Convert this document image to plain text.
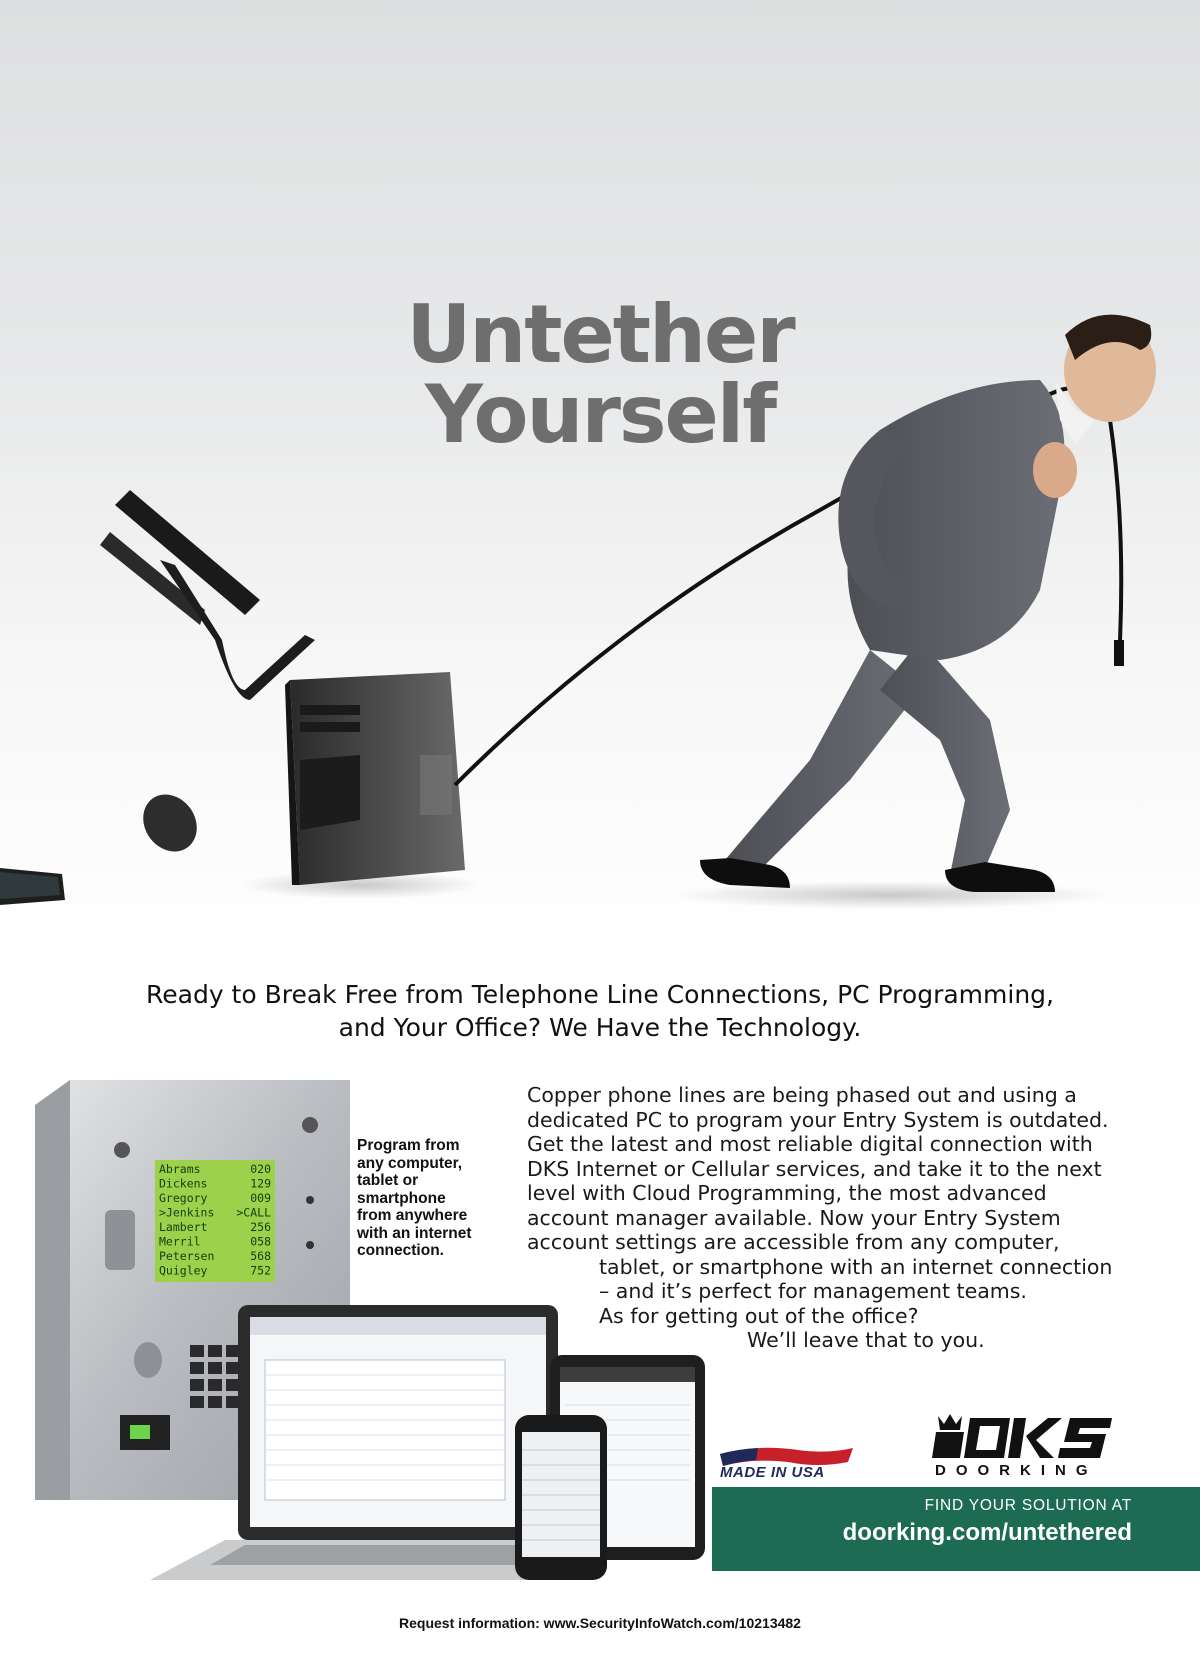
Untether
Yourself
Ready to Break Free from Telephone Line Connections, PC Programming,
and Your Office? We Have the Technology.
Abrams	020
Dickens	129
Gregory	009
>Jenkins >CALL
Lambert	256
Merril	058
Petersen	568
Quigley	752
Program from
any computer,
tablet or
smartphone
from anywhere
with an internet
connection.
Copper phone lines are being phased out and using a
dedicated PC to program your Entry System is outdated.
Get the latest and most reliable digital connection with
DKS Internet or Cellular services, and take it to the next
level with Cloud Programming, the most advanced
account manager available. Now your Entry System
account settings are accessible from any computer,
tablet, or smartphone with an internet connection
– and it’s perfect for management teams.
As for getting out of the office?
We’ll leave that to you.
MADE IN USA	DOORKING
FIND YOUR SOLUTION AT
doorking.com/untethered
Request information: www.SecurityInfoWatch.com/10213482
